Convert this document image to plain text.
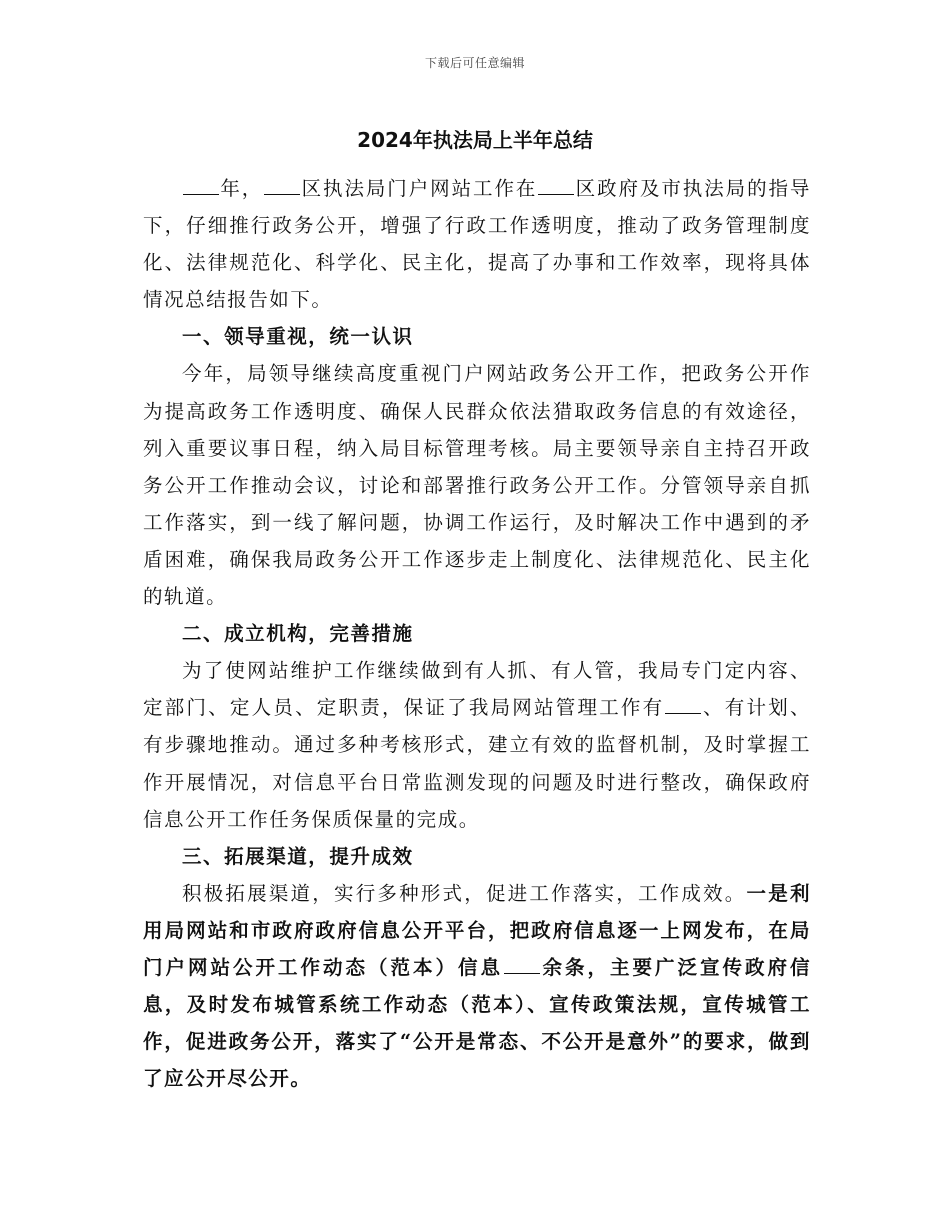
下载后可任意编辑
2024年执法局上半年总结

年， 区执法局门户网站工作在 区政府及市执法局的指导下，仔细推行政务公开，增强了行政工作透明度，推动了政务管理制度化、法律规范化、科学化、民主化，提高了办事和工作效率，现将具体情况总结报告如下。

一、领导重视，统一认识

今年，局领导继续高度重视门户网站政务公开工作，把政务公开作为提高政务工作透明度、确保人民群众依法猎取政务信息的有效途径，列入重要议事日程，纳入局目标管理考核。局主要领导亲自主持召开政务公开工作推动会议，讨论和部署推行政务公开工作。分管领导亲自抓工作落实，到一线了解问题，协调工作运行，及时解决工作中遇到的矛盾困难，确保我局政务公开工作逐步走上制度化、法律规范化、民主化的轨道。

二、成立机构，完善措施

为了使网站维护工作继续做到有人抓、有人管，我局专门定内容、定部门、定人员、定职责，保证了我局网站管理工作有 、有计划、有步骤地推动。通过多种考核形式，建立有效的监督机制，及时掌握工作开展情况，对信息平台日常监测发现的问题及时进行整改，确保政府信息公开工作任务保质保量的完成。

三、拓展渠道，提升成效

积极拓展渠道，实行多种形式，促进工作落实，工作成效。一是利用局网站和市政府政府信息公开平台，把政府信息逐一上网发布，在局门户网站公开工作动态（范本）信息 余条，主要广泛宣传政府信息，及时发布城管系统工作动态（范本）、宣传政策法规，宣传城管工作，促进政务公开，落实了“公开是常态、不公开是意外”的要求，做到了应公开尽公开。
